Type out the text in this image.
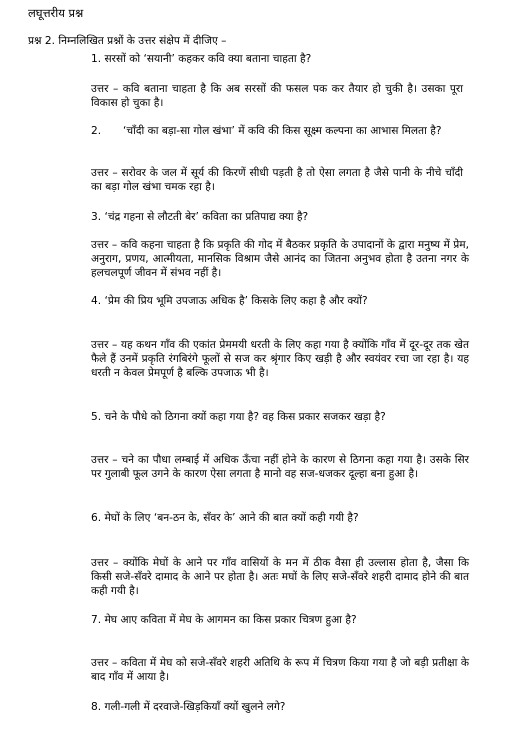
लघूत्तरीय प्रश्न
प्रश्न 2. निम्नलिखित प्रश्नों के उत्तर संक्षेप में दीजिए –
1. सरसों को ‘सयानी’ कहकर कवि क्या बताना चाहता है?
उत्तर – कवि बताना चाहता है कि अब सरसों की फसल पक कर तैयार हो चुकी है। उसका पूरा विकास हो चुका है।
2. ‘चाँदी का बड़ा-सा गोल खंभा’ में कवि की किस सूक्ष्म कल्पना का आभास मिलता है?
उत्तर – सरोवर के जल में सूर्य की किरणें सीधी पड़ती है तो ऐसा लगता है जैसे पानी के नीचे चाँदी का बड़ा गोल खंभा चमक रहा है।
3. ‘चंद्र गहना से लौटती बेर’ कविता का प्रतिपाद्य क्या है?
उत्तर – कवि कहना चाहता है कि प्रकृति की गोद में बैठकर प्रकृति के उपादानों के द्वारा मनुष्य में प्रेम, अनुराग, प्रणय, आत्मीयता, मानसिक विश्राम जैसे आनंद का जितना अनुभव होता है उतना नगर के हलचलपूर्ण जीवन में संभव नहीं है।
4. ‘प्रेम की प्रिय भूमि उपजाऊ अधिक है’ किसके लिए कहा है और क्यों?
उत्तर – यह कथन गाँव की एकांत प्रेममयी धरती के लिए कहा गया है क्योंकि गाँव में दूर-दूर तक खेत फैले हैं उनमें प्रकृति रंगबिरंगे फूलों से सज कर श्रृंगार किए खड़ी है और स्वयंवर रचा जा रहा है। यह धरती न केवल प्रेमपूर्ण है बल्कि उपजाऊ भी है।
5. चने के पौधे को ठिगना क्यों कहा गया है? वह किस प्रकार सजकर खड़ा है?
उत्तर – चने का पौधा लम्बाई में अधिक ऊँचा नहीं होने के कारण से ठिगना कहा गया है। उसके सिर पर गुलाबी फूल उगने के कारण ऐसा लगता है मानो वह सज-धजकर दूल्हा बना हुआ है।
6. मेघों के लिए ‘बन-ठन के, सँवर के’ आने की बात क्यों कही गयी है?
उत्तर – क्योंकि मेघों के आने पर गाँव वासियों के मन में ठीक वैसा ही उल्लास होता है, जैसा कि किसी सजे-सँवरे दामाद के आने पर होता है। अतः मघों के लिए सजे-सँवरे शहरी दामाद होने की बात कही गयी है।
7. मेघ आए कविता में मेघ के आगमन का किस प्रकार चित्रण हुआ है?
उत्तर – कविता में मेघ को सजे-सँवरे शहरी अतिथि के रूप में चित्रण किया गया है जो बड़ी प्रतीक्षा के बाद गाँव में आया है।
8. गली-गली में दरवाजे-खिड़कियाँ क्यों खुलने लगे?
